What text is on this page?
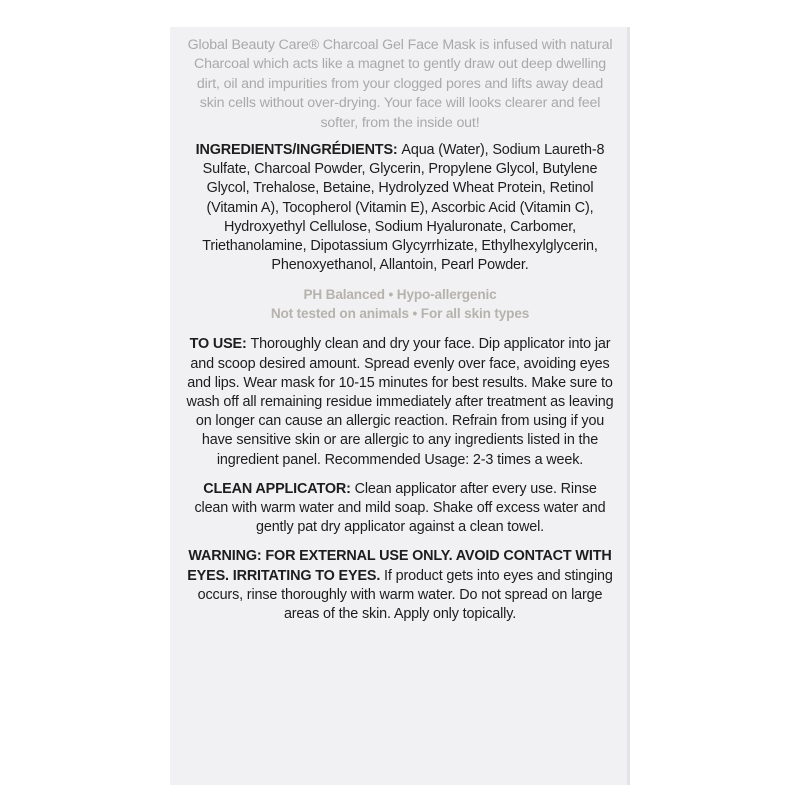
Global Beauty Care® Charcoal Gel Face Mask is infused with natural Charcoal which acts like a magnet to gently draw out deep dwelling dirt, oil and impurities from your clogged pores and lifts away dead skin cells without over-drying. Your face will looks clearer and feel softer, from the inside out!

INGREDIENTS/INGRÉDIENTS: Aqua (Water), Sodium Laureth-8 Sulfate, Charcoal Powder, Glycerin, Propylene Glycol, Butylene Glycol, Trehalose, Betaine, Hydrolyzed Wheat Protein, Retinol (Vitamin A), Tocopherol (Vitamin E), Ascorbic Acid (Vitamin C), Hydroxyethyl Cellulose, Sodium Hyaluronate, Carbomer, Triethanolamine, Dipotassium Glycyrrhizate, Ethylhexylglycerin, Phenoxyethanol, Allantoin, Pearl Powder.

PH Balanced • Hypo-allergenic
Not tested on animals • For all skin types

TO USE: Thoroughly clean and dry your face. Dip applicator into jar and scoop desired amount. Spread evenly over face, avoiding eyes and lips. Wear mask for 10-15 minutes for best results. Make sure to wash off all remaining residue immediately after treatment as leaving on longer can cause an allergic reaction. Refrain from using if you have sensitive skin or are allergic to any ingredients listed in the ingredient panel. Recommended Usage: 2-3 times a week.

CLEAN APPLICATOR: Clean applicator after every use. Rinse clean with warm water and mild soap. Shake off excess water and gently pat dry applicator against a clean towel.

WARNING: FOR EXTERNAL USE ONLY. AVOID CONTACT WITH EYES. IRRITATING TO EYES. If product gets into eyes and stinging occurs, rinse thoroughly with warm water. Do not spread on large areas of the skin. Apply only topically.
